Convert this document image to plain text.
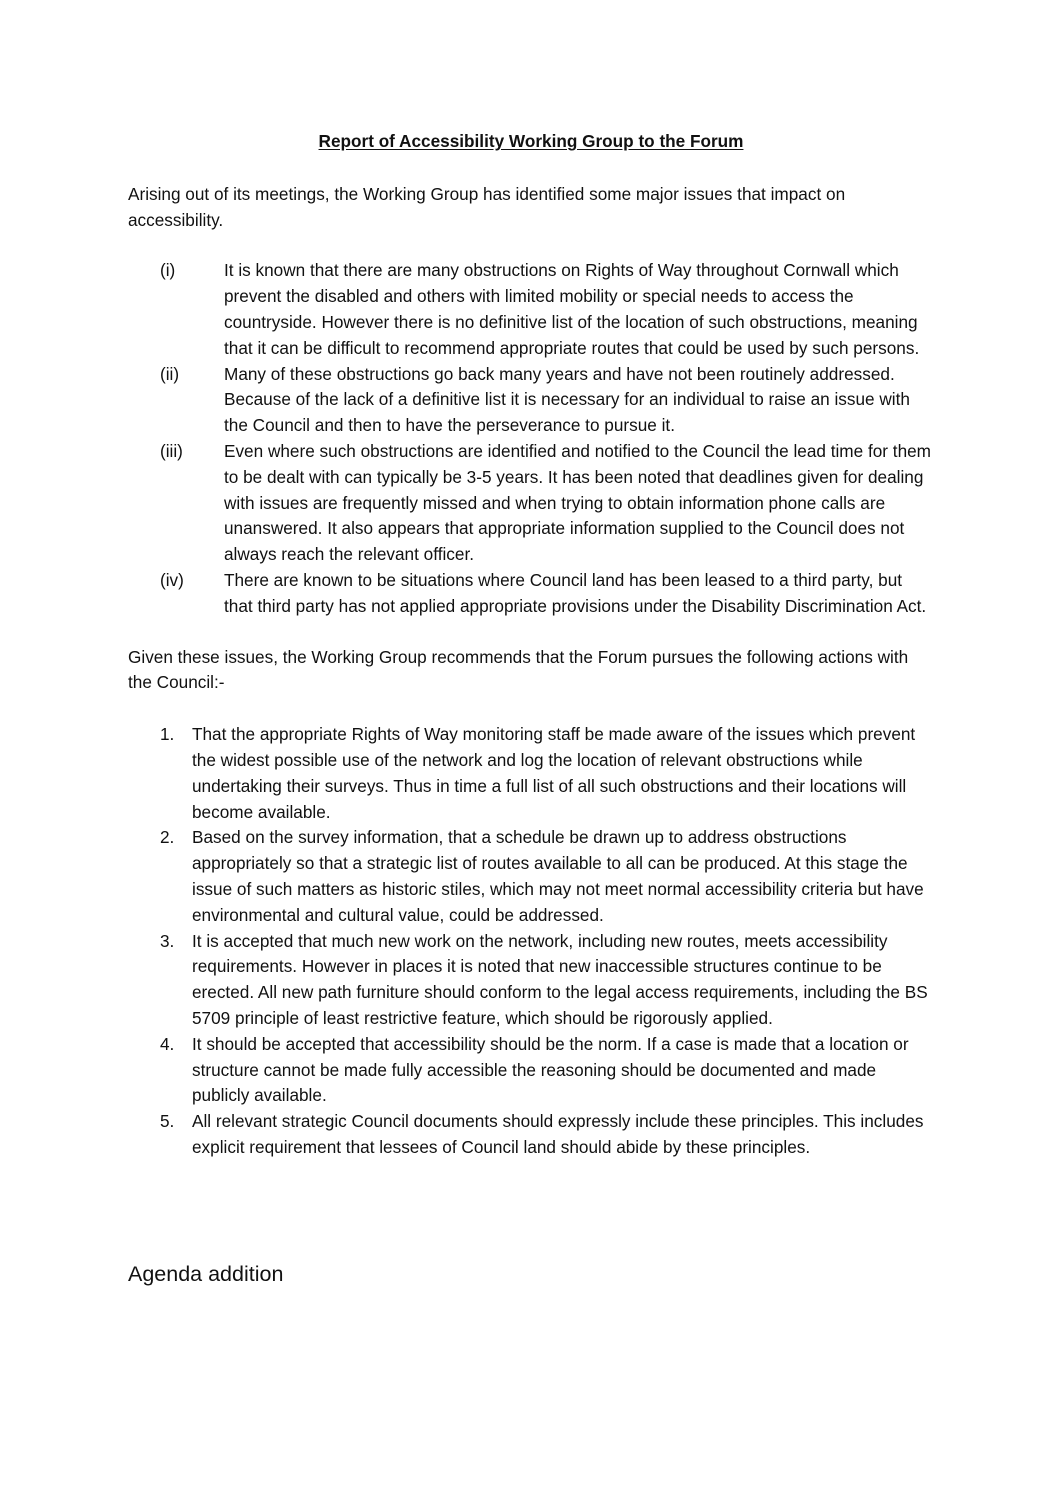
Report of Accessibility Working Group to the Forum

Arising out of its meetings, the Working Group has identified some major issues that impact on accessibility.

(i)	It is known that there are many obstructions on Rights of Way throughout Cornwall which prevent the disabled and others with limited mobility or special needs to access the countryside. However there is no definitive list of the location of such obstructions, meaning that it can be difficult to recommend appropriate routes that could be used by such persons.
(ii)	Many of these obstructions go back many years and have not been routinely addressed. Because of the lack of a definitive list it is necessary for an individual to raise an issue with the Council and then to have the perseverance to pursue it.
(iii)	Even where such obstructions are identified and notified to the Council the lead time for them to be dealt with can typically be 3-5 years. It has been noted that deadlines given for dealing with issues are frequently missed and when trying to obtain information phone calls are unanswered. It also appears that appropriate information supplied to the Council does not always reach the relevant officer.
(iv)	There are known to be situations where Council land has been leased to a third party, but that third party has not applied appropriate provisions under the Disability Discrimination Act.

Given these issues, the Working Group recommends that the Forum pursues the following actions with the Council:-

1.	That the appropriate Rights of Way monitoring staff be made aware of the issues which prevent the widest possible use of the network and log the location of relevant obstructions while undertaking their surveys. Thus in time a full list of all such obstructions and their locations will become available.
2.	Based on the survey information, that a schedule be drawn up to address obstructions appropriately so that a strategic list of routes available to all can be produced. At this stage the issue of such matters as historic stiles, which may not meet normal accessibility criteria but have environmental and cultural value, could be addressed.
3.	It is accepted that much new work on the network, including new routes, meets accessibility requirements. However in places it is noted that new inaccessible structures continue to be erected. All new path furniture should conform to the legal access requirements, including the BS 5709 principle of least restrictive feature, which should be rigorously applied.
4.	It should be accepted that accessibility should be the norm. If a case is made that a location or structure cannot be made fully accessible the reasoning should be documented and made publicly available.
5.	All relevant strategic Council documents should expressly include these principles. This includes explicit requirement that lessees of Council land should abide by these principles.
Agenda addition
